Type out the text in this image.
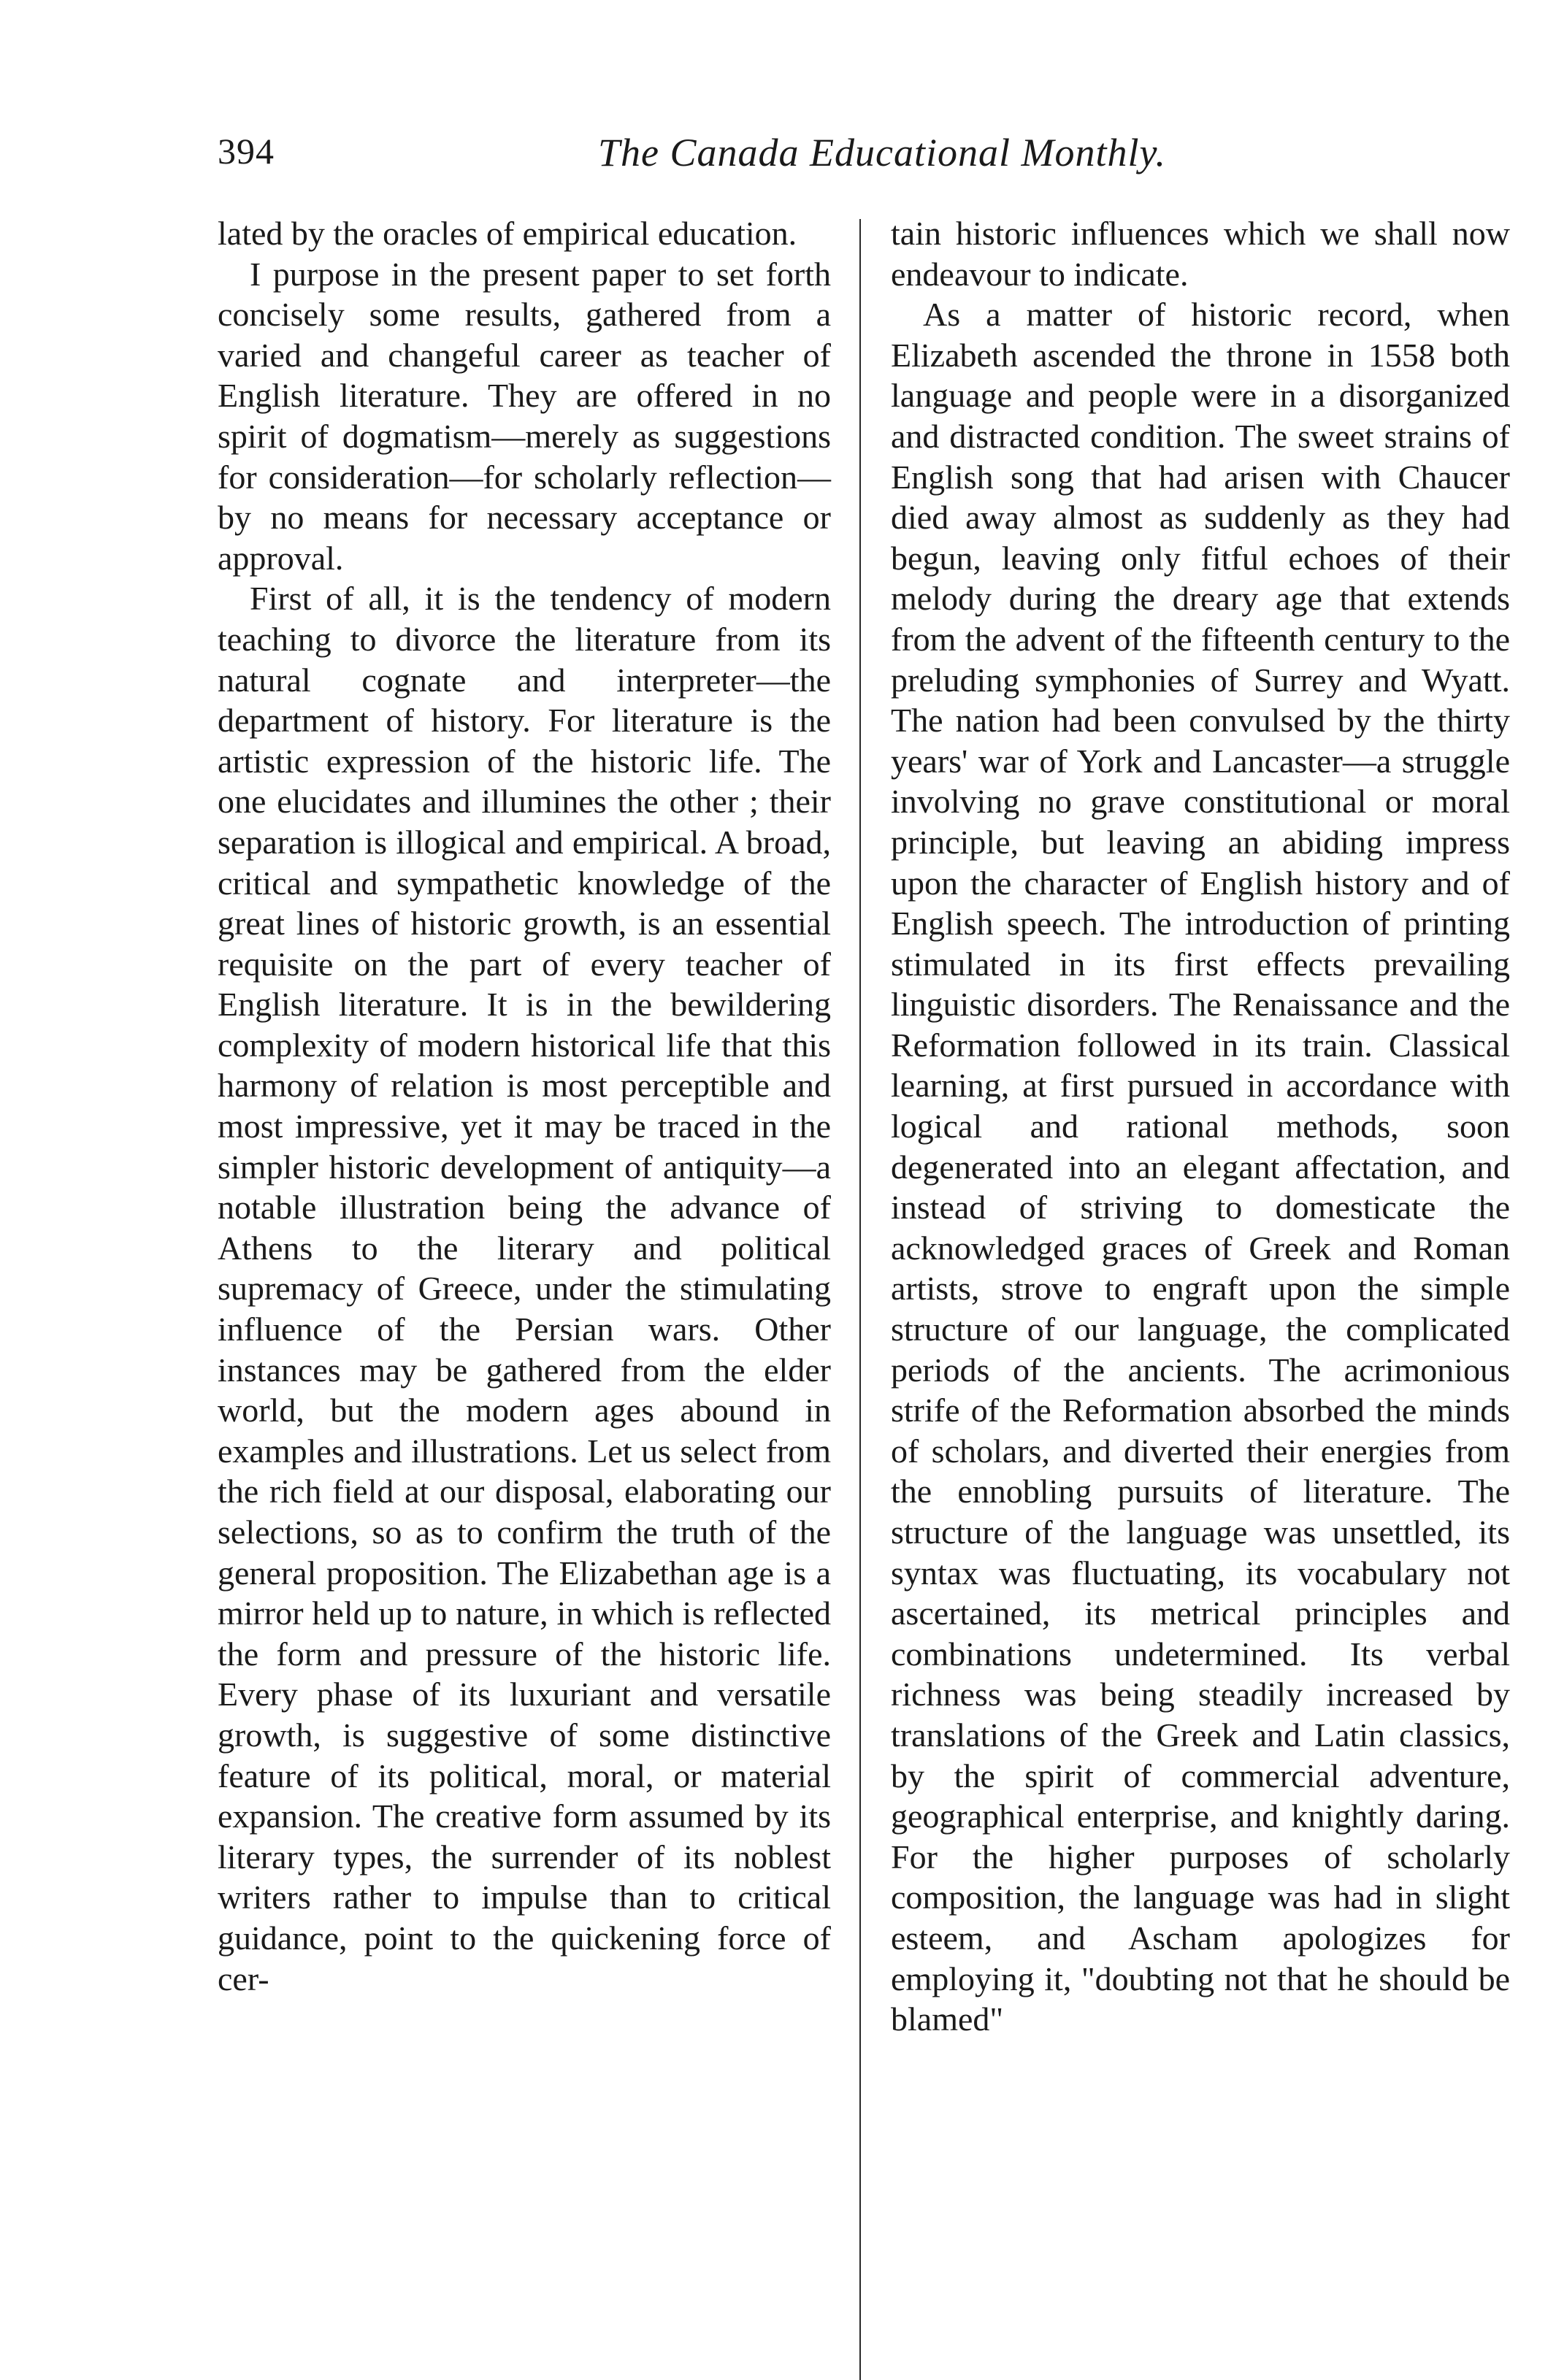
394	The Canada Educational Monthly.

lated by the oracles of empirical education.

I purpose in the present paper to set forth concisely some results, gathered from a varied and changeful career as teacher of English literature. They are offered in no spirit of dogmatism—merely as suggestions for consideration—for scholarly reflection—by no means for necessary acceptance or approval.

First of all, it is the tendency of modern teaching to divorce the literature from its natural cognate and interpreter—the department of history. For literature is the artistic expression of the historic life. The one elucidates and illumines the other ; their separation is illogical and empirical. A broad, critical and sympathetic knowledge of the great lines of historic growth, is an essential requisite on the part of every teacher of English literature. It is in the bewildering complexity of modern historical life that this harmony of relation is most perceptible and most impressive, yet it may be traced in the simpler historic development of antiquity—a notable illustration being the advance of Athens to the literary and political supremacy of Greece, under the stimulating influence of the Persian wars. Other instances may be gathered from the elder world, but the modern ages abound in examples and illustrations. Let us select from the rich field at our disposal, elaborating our selections, so as to confirm the truth of the general proposition. The Elizabethan age is a mirror held up to nature, in which is reflected the form and pressure of the historic life. Every phase of its luxuriant and versatile growth, is suggestive of some distinctive feature of its political, moral, or material expansion. The creative form assumed by its literary types, the surrender of its noblest writers rather to impulse than to critical guidance, point to the quickening force of cer-

tain historic influences which we shall now endeavour to indicate.

As a matter of historic record, when Elizabeth ascended the throne in 1558 both language and people were in a disorganized and distracted condition. The sweet strains of English song that had arisen with Chaucer died away almost as suddenly as they had begun, leaving only fitful echoes of their melody during the dreary age that extends from the advent of the fifteenth century to the preluding symphonies of Surrey and Wyatt. The nation had been convulsed by the thirty years' war of York and Lancaster—a struggle involving no grave constitutional or moral principle, but leaving an abiding impress upon the character of English history and of English speech. The introduction of printing stimulated in its first effects prevailing linguistic disorders. The Renaissance and the Reformation followed in its train. Classical learning, at first pursued in accordance with logical and rational methods, soon degenerated into an elegant affectation, and instead of striving to domesticate the acknowledged graces of Greek and Roman artists, strove to engraft upon the simple structure of our language, the complicated periods of the ancients. The acrimonious strife of the Reformation absorbed the minds of scholars, and diverted their energies from the ennobling pursuits of literature. The structure of the language was unsettled, its syntax was fluctuating, its vocabulary not ascertained, its metrical principles and combinations undetermined. Its verbal richness was being steadily increased by translations of the Greek and Latin classics, by the spirit of commercial adventure, geographical enterprise, and knightly daring. For the higher purposes of scholarly composition, the language was had in slight esteem, and Ascham apologizes for employing it, "doubting not that he should be blamed"
